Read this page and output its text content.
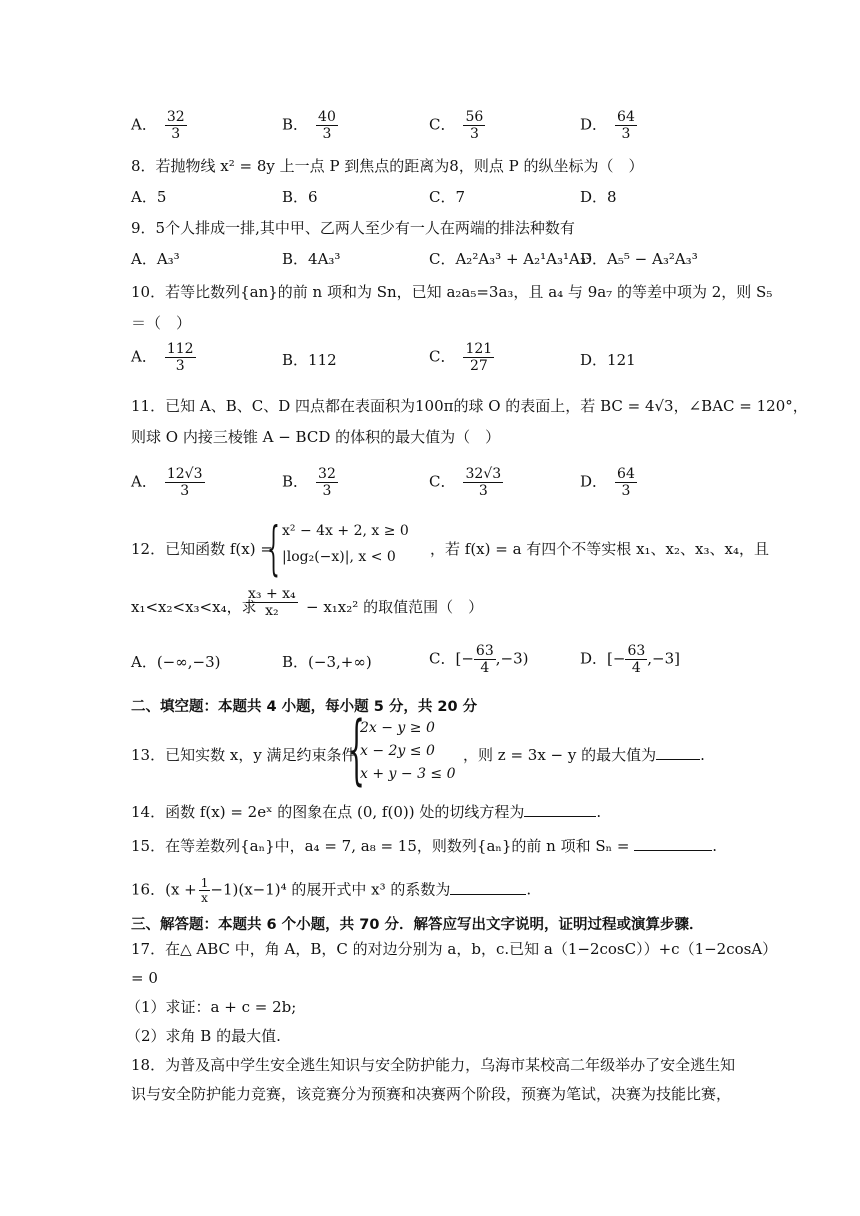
A． $\frac{32}{3}$	B． $\frac{40}{3}$	C． $\frac{56}{3}$	D． $\frac{64}{3}$
8．若抛物线 x² = 8y 上一点 P 到焦点的距离为8，则点 P 的纵坐标为（　）
A．5	B．6	C．7	D．8
9．5个人排成一排,其中甲、乙两人至少有一人在两端的排法种数有
A．A₃³	B．4A₃³	C．A₂²A₃³ + A₂¹A₃¹A₃³
D．A₅⁵ − A₃²A₃³
10．若等比数列{an}的前 n 项和为 Sn，已知 a₂a₅=3a₃，且 a₄ 与 9a₇ 的等差中项为 2，则 S₅
＝（　）
A． $\frac{112}{3}$	B．112	C． $\frac{121}{27}$	D．121
11．已知 A、B、C、D 四点都在表面积为100π的球 O 的表面上，若 BC = 4√3，∠BAC = 120°，
则球 O 内接三棱锥 A − BCD 的体积的最大值为（　）
A． $\frac{12√3}{3}$	B． $\frac{32}{3}$	C． $\frac{32√3}{3}$	D． $\frac{64}{3}$
12．已知函数 f(x) =
{ x² − 4x + 2, x ≥ 0
|log₂(−x)|, x < 0 ，若 f(x) = a 有四个不等实根 x₁、x₂、x₃、x₄，且
x₁<x₂<x₃<x₄，求
$\frac{\text{x₃ + x₄}}{\text{x₂}} - x_1x_2^2$ 的取值范围（　）
A．(−∞,−3)	B．(−3,+∞)	C．[− $\frac{63}{4} ,-3$)	D．[− $\frac{63}{4} ,-3$]
二、填空题：本题共 4 小题，每小题 5 分，共 20 分
13．已知实数 x，y 满足约束条件
{
2x − y ≥ 0
x − 2y ≤ 0
x + y − 3 ≤ 0
，则 z = 3x − y 的最大值为	.
14．函数 f(x) = 2eˣ 的图象在点 (0, f(0)) 处的切线方程为	.
15．在等差数列{aₙ}中，a₄ = 7, a₈ = 15，则数列{aₙ}的前 n 项和 Sₙ =	.
16．$(x + \frac{1}{x} -1)(x-1)^4$ 的展开式中 x³ 的系数为	.
三、解答题：本题共 6 个小题，共 70 分．解答应写出文字说明，证明过程或演算步骤．
17．在△ ABC 中，角 A，B，C 的对边分别为 a，b，c.已知 a（1−2cosC））+c（1−2cosA）
= 0
（1）求证：a + c = 2b;
（2）求角 B 的最大值.
18．为普及高中学生安全逃生知识与安全防护能力，乌海市某校高二年级举办了安全逃生知
识与安全防护能力竞赛，该竞赛分为预赛和决赛两个阶段，预赛为笔试，决赛为技能比赛，
